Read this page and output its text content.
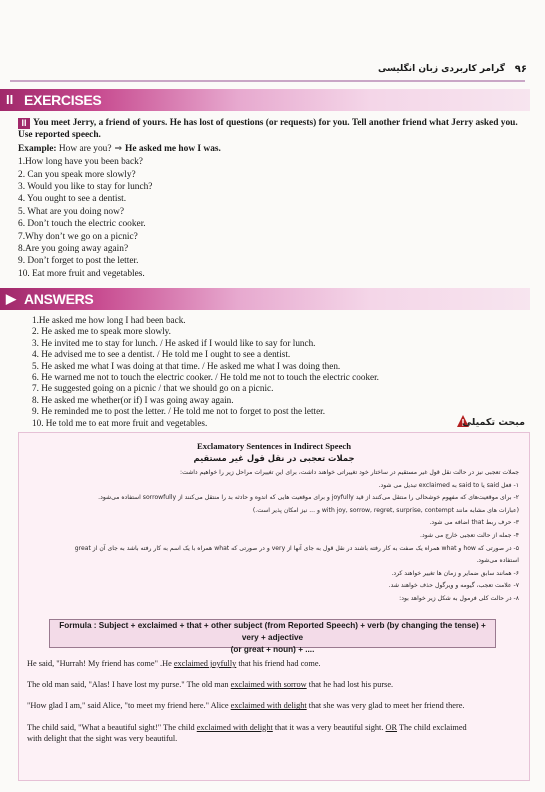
۹۶
گرامر کاربردی زبان انگلیسی
II EXERCISES
II You meet Jerry, a friend of yours. He has lost of questions (or requests) for you. Tell another friend what Jerry asked you. Use reported speech.
Example: How are you? ⇒ He asked me how I was.
1.How long have you been back?
2. Can you speak more slowly?
3. Would you like to stay for lunch?
4. You ought to see a dentist.
5. What are you doing now?
6. Don’t touch the electric cooker.
7.Why don’t we go on a picnic?
8.Are you going away again?
9. Don’t forget to post the letter.
10. Eat more fruit and vegetables.
▶ ANSWERS
1.He asked me how long I had been back.
2. He asked me to speak more slowly.
3. He invited me to stay for lunch. / He asked if I would like to say for lunch.
4. He advised me to see a dentist. / He told me I ought to see a dentist.
5. He asked me what I was doing at that time. / He asked me what I was doing then.
6. He warned me not to touch the electric cooker. / He told me not to touch the electric cooker.
7. He suggested going on a picnic / that we should go on a picnic.
8. He asked me whether(or if) I was going away again.
9. He reminded me to post the letter. / He told me not to forget to post the letter.
10. He told me to eat more fruit and vegetables.	مبحث تکمیلی
Exclamatory Sentences in Indirect Speech
جملات تعجبی در نقل قول غیر مستقیم
جملات تعجبی نیز در حالت نقل قول غیر مستقیم در ساختار خود تغییراتی خواهند داشت، برای این تغییرات مراحل زیر را خواهیم داشت:
۱- فعل said یا said to به exclaimed تبدیل می شود.
۲- برای موقعیت‌های که مفهوم خوشحالی را منتقل می‌کنند از قید joyfully و برای موقعیت هایی که اندوه و حادثه بد را منتقل می‌کنند از sorrowfully استفاده می‌شود.
(عبارات های مشابه مانند with joy, sorrow, regret, surprise, contempt و ... نیز امکان پذیر است.)
۳- حرف ربط that اضافه می شود.
۴- جمله از حالت تعجبی خارج می شود.
۵- در صورتی که how و what همراه یک صفت به کار رفته باشند در نقل قول به جای آنها از very و در صورتی که what همراه با یک اسم به کار رفته باشد به جای آن از great
استفاده می‌شود.
۶- همانند سابق ضمایر و زمان ها تغییر خواهند کرد.
۷- علامت تعجب، گیومه و ویرگول حذف خواهند شد.
۸- در حالت کلی فرمول به شکل زیر خواهد بود:
Formula : Subject + exclaimed + that + other subject (from Reported Speech) + verb (by changing the tense) + very + adjective
(or great + noun) + ....

He said, "Hurrah! My friend has come" .He exclaimed joyfully that his friend had come.

The old man said, "Alas! I have lost my purse." The old man exclaimed with sorrow that he had lost his purse.

"How glad I am," said Alice, "to meet my friend here." Alice exclaimed with delight that she was very glad to meet her friend there.

The child said, "What a beautiful sight!" The child exclaimed with delight that it was a very beautiful sight. OR The child exclaimed
with delight that the sight was very beautiful.
